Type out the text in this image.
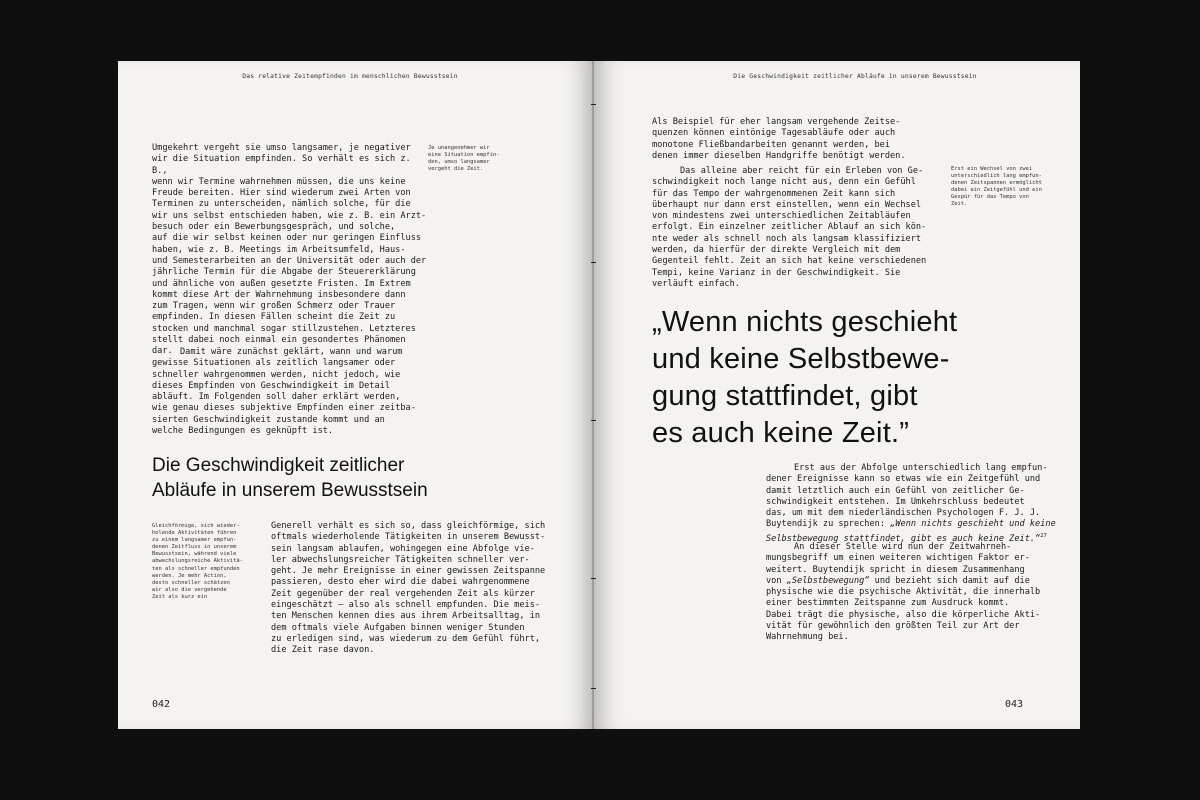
Das relative Zeitempfinden im menschlichen Bewusstsein

Umgekehrt vergeht sie umso langsamer, je negativer
wir die Situation empfinden. So verhält es sich z. B.,
wenn wir Termine wahrnehmen müssen, die uns keine
Freude bereiten. Hier sind wiederum zwei Arten von
Terminen zu unterscheiden, nämlich solche, für die
wir uns selbst entschieden haben, wie z. B. ein Arzt-
besuch oder ein Bewerbungsgespräch, und solche,
auf die wir selbst keinen oder nur geringen Einfluss
haben, wie z. B. Meetings im Arbeitsumfeld, Haus-
und Semesterarbeiten an der Universität oder auch der
jährliche Termin für die Abgabe der Steuererklärung
und ähnliche von außen gesetzte Fristen. Im Extrem
kommt diese Art der Wahrnehmung insbesondere dann
zum Tragen, wenn wir großen Schmerz oder Trauer
empfinden. In diesen Fällen scheint die Zeit zu
stocken und manchmal sogar stillzustehen. Letzteres
stellt dabei noch einmal ein gesondertes Phänomen
dar.

Je unangenehmer wir
eine Situation empfin-
den, umso langsamer
vergeht die Zeit.

Damit wäre zunächst geklärt, wann und warum
gewisse Situationen als zeitlich langsamer oder
schneller wahrgenommen werden, nicht jedoch, wie
dieses Empfinden von Geschwindigkeit im Detail
abläuft. Im Folgenden soll daher erklärt werden,
wie genau dieses subjektive Empfinden einer zeitba-
sierten Geschwindigkeit zustande kommt und an
welche Bedingungen es geknüpft ist.

Die Geschwindigkeit zeitlicher
Abläufe in unserem Bewusstsein

Gleichförmige, sich wieder-
holende Aktivitäten führen
zu einem langsamer empfun-
denen Zeitfluss in unserem
Bewusstsein, während viele
abwechslungsreiche Aktivitä-
ten als schneller empfunden
werden. Je mehr Action,
desto schneller schätzen
wir also die vergehende
Zeit als kurz ein

Generell verhält es sich so, dass gleichförmige, sich
oftmals wiederholende Tätigkeiten in unserem Bewusst-
sein langsam ablaufen, wohingegen eine Abfolge vie-
ler abwechslungsreicher Tätigkeiten schneller ver-
geht. Je mehr Ereignisse in einer gewissen Zeitspanne
passieren, desto eher wird die dabei wahrgenommene
Zeit gegenüber der real vergehenden Zeit als kürzer
eingeschätzt — also als schnell empfunden. Die meis-
ten Menschen kennen dies aus ihrem Arbeitsalltag, in
dem oftmals viele Aufgaben binnen weniger Stunden
zu erledigen sind, was wiederum zu dem Gefühl führt,
die Zeit rase davon.

042
Die Geschwindigkeit zeitlicher Abläufe in unserem Bewusstsein

Als Beispiel für eher langsam vergehende Zeitse-
quenzen können eintönige Tagesabläufe oder auch
monotone Fließbandarbeiten genannt werden, bei
denen immer dieselben Handgriffe benötigt werden.

Erst ein Wechsel von zwei
unterschiedlich lang empfun-
denen Zeitspannen ermöglicht
dabei ein Zeitgefühl und ein
Gespür für das Tempo von
Zeit.

Das alleine aber reicht für ein Erleben von Ge-
schwindigkeit noch lange nicht aus, denn ein Gefühl
für das Tempo der wahrgenommenen Zeit kann sich
überhaupt nur dann erst einstellen, wenn ein Wechsel
von mindestens zwei unterschiedlichen Zeitabläufen
erfolgt. Ein einzelner zeitlicher Ablauf an sich kön-
nte weder als schnell noch als langsam klassifiziert
werden, da hierfür der direkte Vergleich mit dem
Gegenteil fehlt. Zeit an sich hat keine verschiedenen
Tempi, keine Varianz in der Geschwindigkeit. Sie
verläuft einfach.

„Wenn nichts geschieht
und keine Selbstbewe-
gung stattfindet, gibt
es auch keine Zeit.”

Erst aus der Abfolge unterschiedlich lang empfun-
dener Ereignisse kann so etwas wie ein Zeitgefühl und
damit letztlich auch ein Gefühl von zeitlicher Ge-
schwindigkeit entstehen. Im Umkehrschluss bedeutet
das, um mit dem niederländischen Psychologen F. J. J.
Buytendijk zu sprechen: „Wenn nichts geschieht und keine
Selbstbewegung stattfindet, gibt es auch keine Zeit.“$^{27}$

An dieser Stelle wird nun der Zeitwahrneh-
mungsbegriff um einen weiteren wichtigen Faktor er-
weitert. Buytendijk spricht in diesem Zusammenhang
von „Selbstbewegung“ und bezieht sich damit auf die
physische wie die psychische Aktivität, die innerhalb
einer bestimmten Zeitspanne zum Ausdruck kommt.
Dabei trägt die physische, also die körperliche Akti-
vität für gewöhnlich den größten Teil zur Art der
Wahrnehmung bei.

043
